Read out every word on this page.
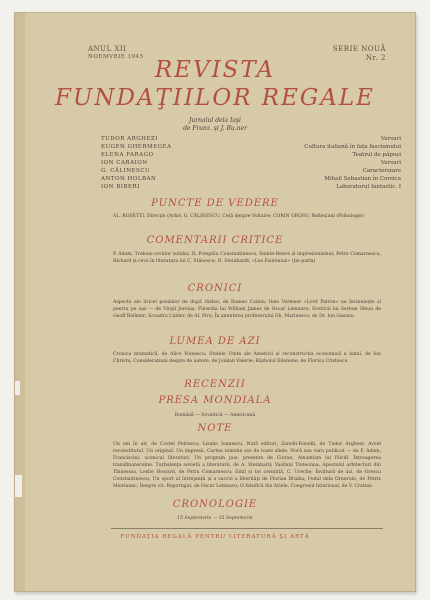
ANUL XII
NOEMVRIE 1945
SERIE NOUĂ
Nr. 2
REVISTA
FUNDAŢIILOR REGALE
Jurnalul dela Iaşi
de Franz. și J. Bu.ner
TUDOR ARGHEZI	Versuri
EUGEN GHERMEGEA	Cultura italiană în fața fascismului
ELENA FARAGO	Teatrul de păpuși
ION CARAION	Versuri
G. CĂLINESCU	Caracterizare
ANTON HOLBAN	Mihail Sebastian în Corsica
ION BIBERI	Laboratorul fantastic. I
PUNCTE DE VEDERE
AL. ROSETTI, Direcţie (Arhiv. G. CĂLINESCU, Cetă despre Voltaire; CORIN GROSU, Reflexiuni (Psihologie)
COMENTARII CRITICE
P. Adam, Trebuie scriitor solidar, II; Pompiliu Constantinescu, Sainte-Beuve și impresionismul; Petru Comarnescu, Richard și ceva în literatura lui C. Stănescu; N. Steinhardt, «Les Fauteuiux» (țin-parla)
CRONICI
Aspecte ale liricei poeziilor de după război, de Romeo Caiten; Ileie Vermeer «Lord Patron» ne învinuiește și pentru pe iași — de Virgil Jeroiaș; Filosofia lui William James de Oscar Lemnaru; Eroticul lui Serban Sfeuu de Geoff Bellmer; Ecuadra Calder, de Al. Piru; În amintirea profesorului Gh. Marinescu, de Dr. Ion Gasanu
LUMEA DE AZI
Cronica dramatică, de Alice Voinescu; Statele Unite ale Americii și reconstrucția economică a lumii, de Ion Christu; Consideratiuni despre de autere, de Jonkan Valerie; Războiul Edeliene, de Florica Cristescu
RECENZII
PRESA MONDIALA
Română — Sovietică — Americană
NOTE
Un om în alt, de Costel Petrescu; Lisabo Ioanescu, Nată editori; Zanelli-Ranelli, de Tudor Arghezi; Avoid reconstitutul. Un original. Un impresii. Cartea tomului sos de toate zilele. Noră sau vara publicat — de F. Adam; Franciscini: ucenicul literaturi. Un program pus: prezente de Cioran, Amantism lui Pilcifi. Întreagerea transfinansculne. Turbulența sovietă a literaturii, de A. Steinhard; Vasiluni Tinteonna, Apostolul arhitecturi din Thinessas, Leslie Howard, de Petru Comarnescu; Emil și tot cernință, C. Ureche; Învătură de azi, de Grescu Constantinescu; Un sport al întrejunții și a sacrul a liberităţi de Florian Braiku; Podul dela Ornerule, de Petrix Mioriaanc; Despre cit. Reportajul, de Oscar Lemnaru; O falsifică din Ariele, Congresul Intarional, de V. Cratian
CRONOLOGIE
15 Septemvrie — 15 Septemvrie
FUNDAŢIA REGALĂ PENTRU LITERATURĂ ŞI ARTĂ
